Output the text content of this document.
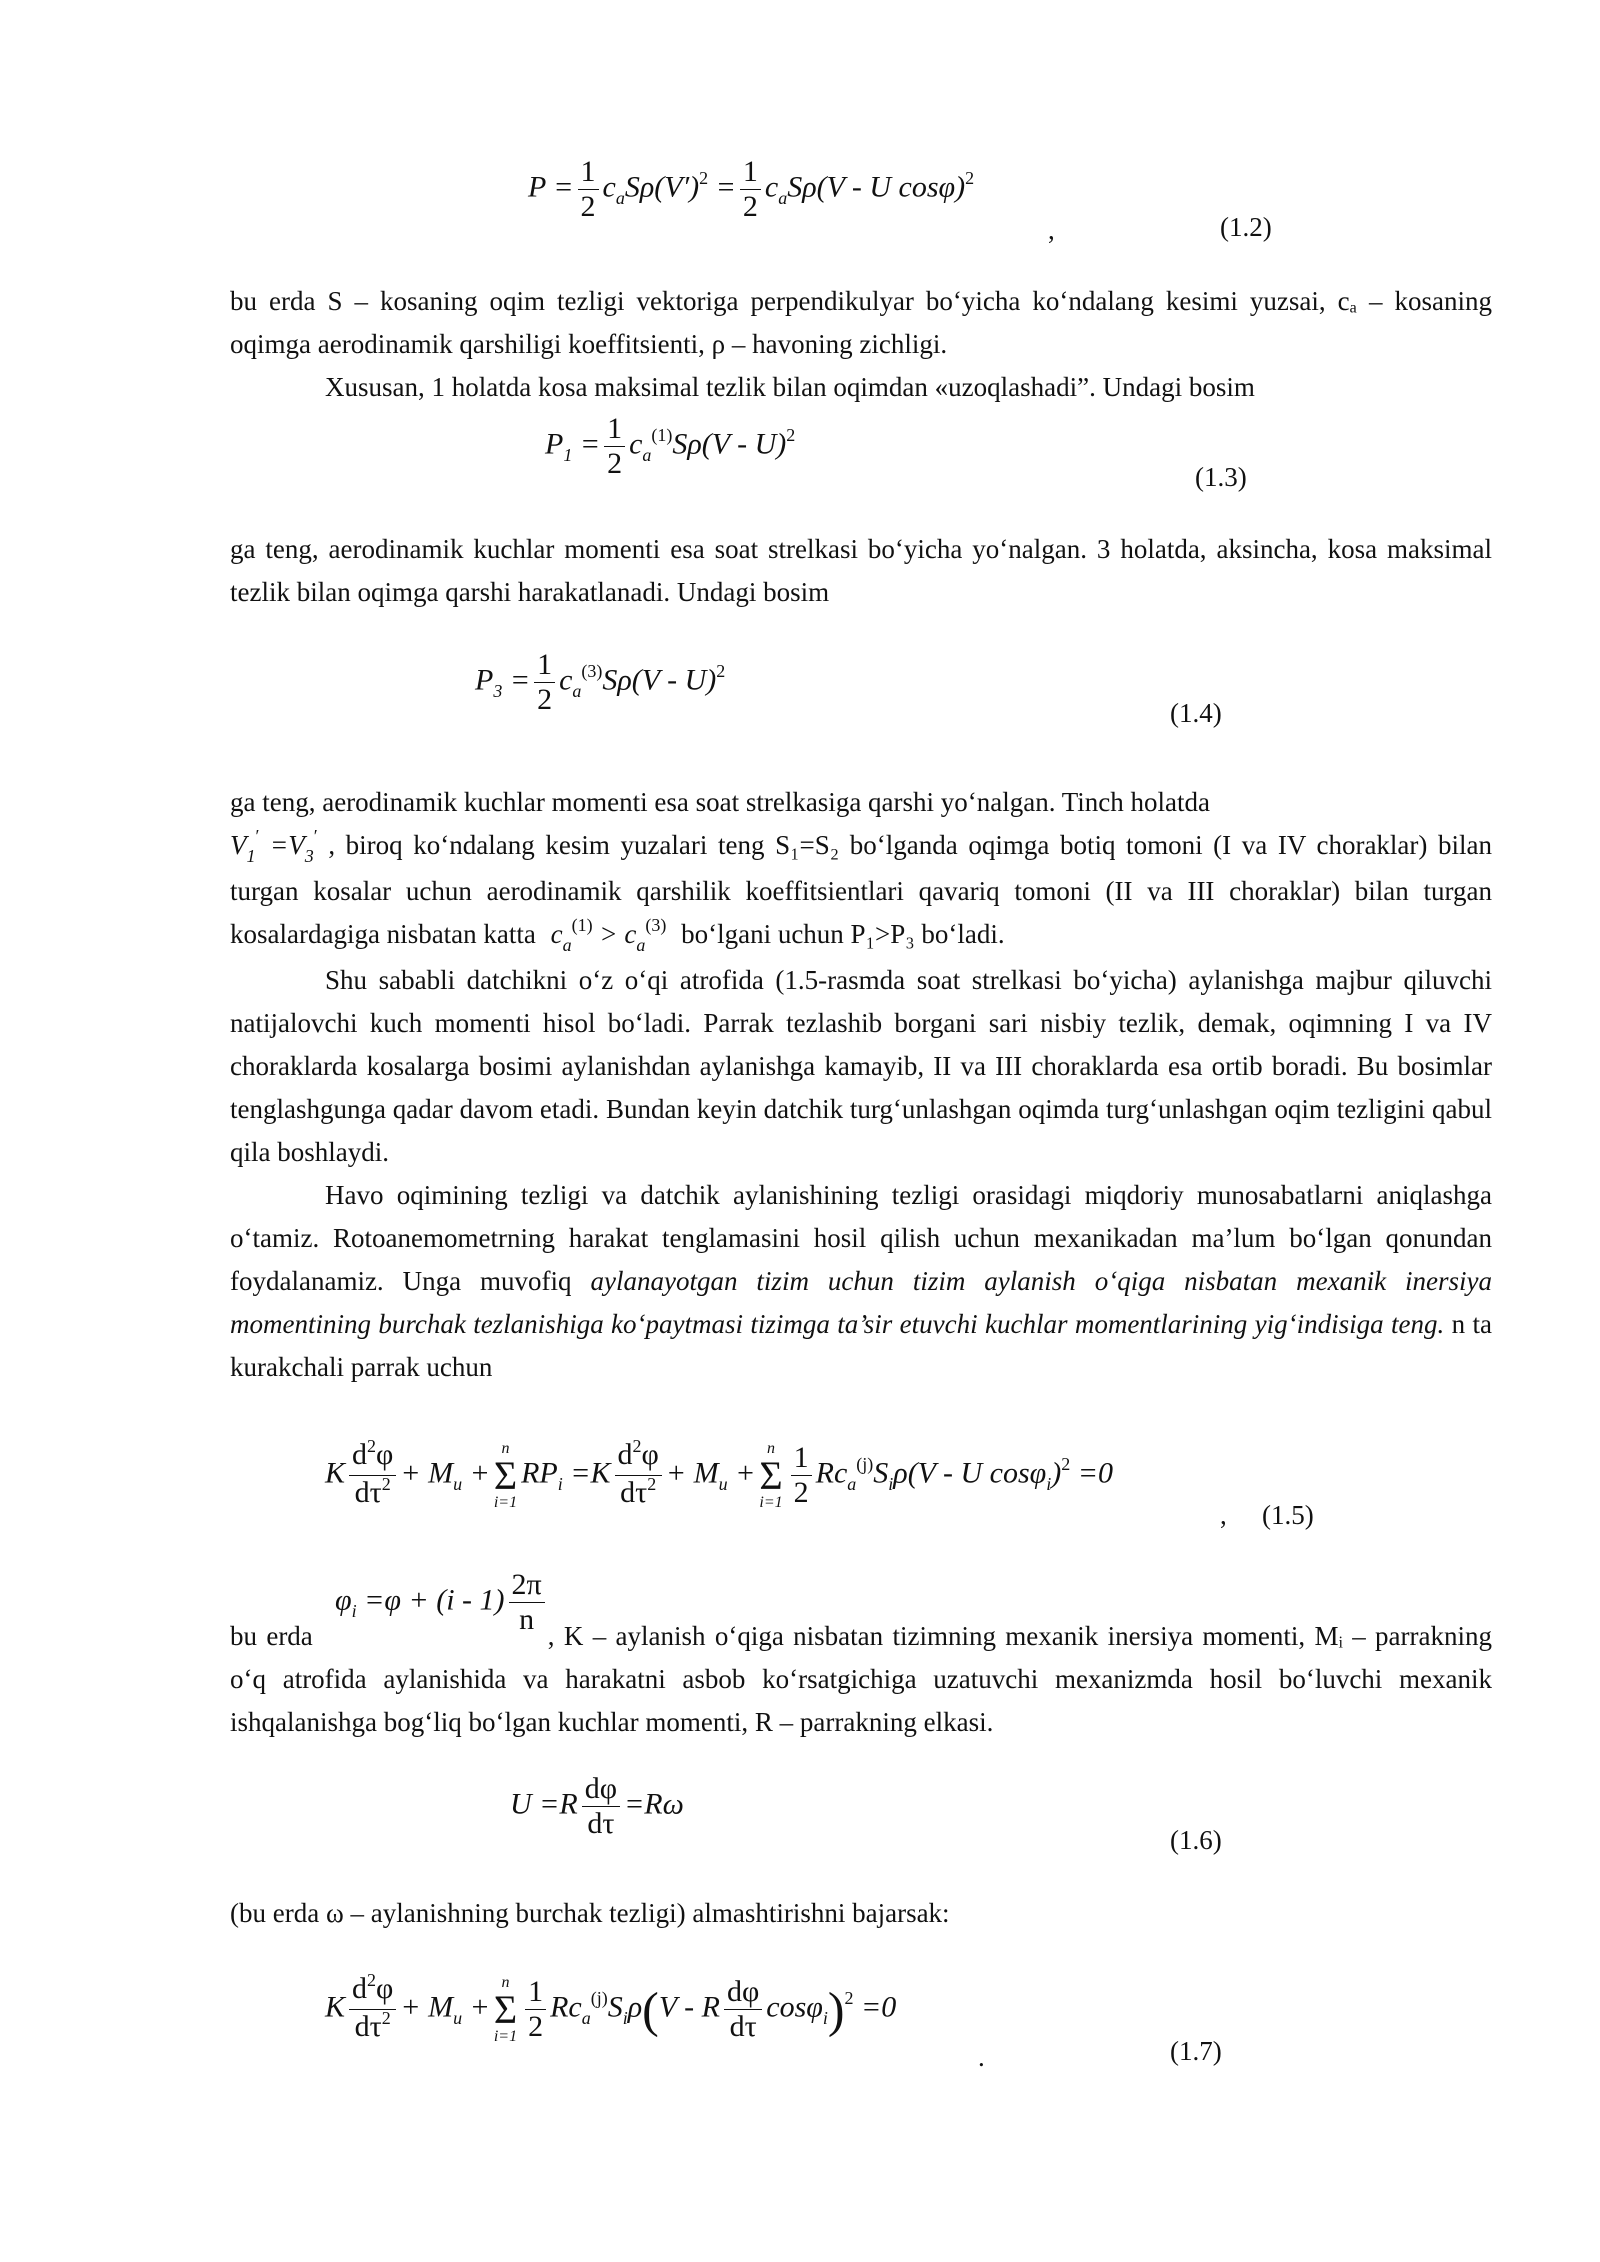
$P = \frac{1}{2} c_aS\rho(V')^2 = \frac{1}{2} c_aS\rho(V - U$ cosφ)$^2$
,	(1.2)

bu erda S – kosaning oqim tezligi vektoriga perpendikulyar bo‘yicha ko‘ndalang kesimi yuzsai, cₐ – kosaning oqimga aerodinamik qarshiligi koeffitsienti, ρ – havoning zichligi.

Xususan, 1 holatda kosa maksimal tezlik bilan oqimdan «uzoqlashadi”. Undagi bosim

$P_1 = \frac{1}{2} c_a^{(1)}S\rho(V - U)^2$
(1.3)

ga teng, aerodinamik kuchlar momenti esa soat strelkasi bo‘yicha yo‘nalgan. 3 holatda, aksincha, kosa maksimal tezlik bilan oqimga qarshi harakatlanadi. Undagi bosim

$P_3 = \frac{1}{2} c_a^{(3)}S\rho(V - U)^2$
(1.4)

ga teng, aerodinamik kuchlar momenti esa soat strelkasiga qarshi yo‘nalgan. Tinch holatda
$V_1' =V_3'$ , biroq ko‘ndalang kesim yuzalari teng S₁=S₂ bo‘lganda oqimga botiq tomoni (I va IV choraklar) bilan turgan kosalar uchun aerodinamik qarshilik koeffitsientlari qavariq tomoni (II va III choraklar) bilan turgan kosalardagiga nisbatan katta $c_a^{(1)} > c_a^{(3)}$ bo‘lgani uchun P₁>P₃ bo‘ladi.

Shu sababli datchikni o‘z o‘qi atrofida (1.5-rasmda soat strelkasi bo‘yicha) aylanishga majbur qiluvchi natijalovchi kuch momenti hisol bo‘ladi. Parrak tezlashib borgani sari nisbiy tezlik, demak, oqimning I va IV choraklarda kosalarga bosimi aylanishdan aylanishga kamayib, II va III choraklarda esa ortib boradi. Bu bosimlar tenglashgunga qadar davom etadi. Bundan keyin datchik turg‘unlashgan oqimda turg‘unlashgan oqim tezligini qabul qila boshlaydi.

Havo oqimining tezligi va datchik aylanishining tezligi orasidagi miqdoriy munosabatlarni aniqlashga o‘tamiz. Rotoanemometrning harakat tenglamasini hosil qilish uchun mexanikadan ma’lum bo‘lgan qonundan foydalanamiz. Unga muvofiq aylanayotgan tizim uchun tizim aylanish o‘qiga nisbatan mexanik inersiya momentining burchak tezlanishiga ko‘paytmasi tizimga ta’sir etuvchi kuchlar momentlarining yig‘indisiga teng. n ta kurakchali parrak uchun

K $\frac{d^2\varphi}{d\tau^2} + M_u$ +
n
Σ
i=1
$RP_i =K \frac{d^2\varphi}{d\tau^2} + M_u$ +
n
Σ
$i=1 \frac{1}{2} Rc_a^{(j)}S_i\rho(V - U$ cosφ$_i$)$^2$ =0
, (1.5)
$\varphi_i =\varphi + (i - 1) \frac{2\pi}{n}$

bu erda	, K – aylanish o‘qiga nisbatan tizimning mexanik inersiya momenti, Mᵢ – parrakning o‘q atrofida aylanishida va harakatni asbob ko‘rsatgichiga uzatuvchi mexanizmda hosil bo‘luvchi mexanik ishqalanishga bog‘liq bo‘lgan kuchlar momenti, R – parrakning elkasi.

$U =R \frac{d\varphi}{d\tau} =R\omega$
(1.6)

(bu erda ω – aylanishning burchak tezligi) almashtirishni bajarsak:

K $\frac{d^2\varphi}{d\tau^2} + M_u$ +
n
Σ
$i=1 \frac{1}{2} Rc_a^{(j)}S_i\rho(V - R \frac{d\varphi}{d\tau} \cos\varphi_i)^2 =0$
.	(1.7)
